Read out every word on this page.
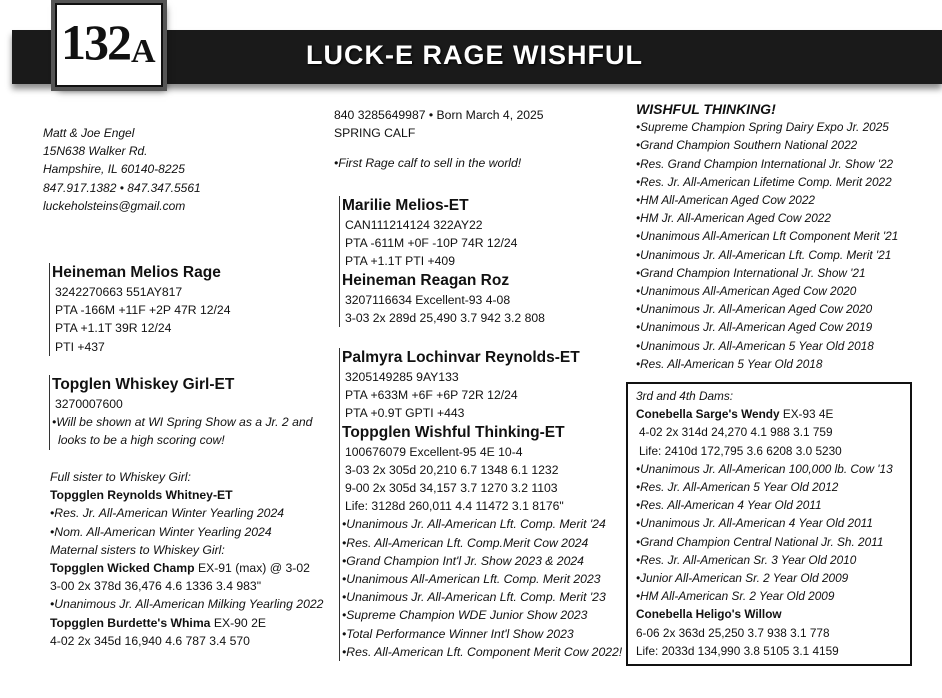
LUCK-E RAGE WISHFUL
132 A
Matt & Joe Engel
15N638 Walker Rd.
Hampshire, IL 60140-8225
847.917.1382 • 847.347.5561
luckeholsteins@gmail.com
Heineman Melios Rage
3242270663 551AY817
PTA -166M +11F +2P 47R 12/24
PTA +1.1T 39R 12/24
PTI +437
Topglen Whiskey Girl-ET
3270007600
•Will be shown at WI Spring Show as a Jr. 2 and
looks to be a high scoring cow!
Full sister to Whiskey Girl:
Topgglen Reynolds Whitney-ET
•Res. Jr. All-American Winter Yearling 2024
•Nom. All-American Winter Yearling 2024
Maternal sisters to Whiskey Girl:
Topgglen Wicked Champ EX-91 (max) @ 3-02
3-00 2x 378d 36,476 4.6 1336 3.4 983"
•Unanimous Jr. All-American Milking Yearling 2022
Topgglen Burdette's Whima EX-90 2E
4-02 2x 345d 16,940 4.6 787 3.4 570
840 3285649987 • Born March 4, 2025
SPRING CALF
•First Rage calf to sell in the world!
Marilie Melios-ET
CAN111214124 322AY22
PTA -611M +0F -10P 74R 12/24
PTA +1.1T PTI +409
Heineman Reagan Roz
3207116634 Excellent-93 4-08
3-03 2x 289d 25,490 3.7 942 3.2 808
Palmyra Lochinvar Reynolds-ET
3205149285 9AY133
PTA +633M +6F +6P 72R 12/24
PTA +0.9T GPTI +443
Toppglen Wishful Thinking-ET
100676079 Excellent-95 4E 10-4
3-03 2x 305d 20,210 6.7 1348 6.1 1232
9-00 2x 305d 34,157 3.7 1270 3.2 1103
Life: 3128d 260,011 4.4 11472 3.1 8176"
•Unanimous Jr. All-American Lft. Comp. Merit '24
•Res. All-American Lft. Comp.Merit Cow 2024
•Grand Champion Int'l Jr. Show 2023 & 2024
•Unanimous All-American Lft. Comp. Merit 2023
•Unanimous Jr. All-American Lft. Comp. Merit '23
•Supreme Champion WDE Junior Show 2023
•Total Performance Winner Int'l Show 2023
•Res. All-American Lft. Component Merit Cow 2022!
WISHFUL THINKING!
•Supreme Champion Spring Dairy Expo Jr. 2025
•Grand Champion Southern National 2022
•Res. Grand Champion International Jr. Show '22
•Res. Jr. All-American Lifetime Comp. Merit 2022
•HM All-American Aged Cow 2022
•HM Jr. All-American Aged Cow 2022
•Unanimous All-American Lft Component Merit '21
•Unanimous Jr. All-American Lft. Comp. Merit '21
•Grand Champion International Jr. Show '21
•Unanimous All-American Aged Cow 2020
•Unanimous Jr. All-American Aged Cow 2020
•Unanimous Jr. All-American Aged Cow 2019
•Unanimous Jr. All-American 5 Year Old 2018
•Res. All-American 5 Year Old 2018
3rd and 4th Dams:
Conebella Sarge's Wendy EX-93 4E
4-02 2x 314d 24,270 4.1 988 3.1 759
Life: 2410d 172,795 3.6 6208 3.0 5230
•Unanimous Jr. All-American 100,000 lb. Cow '13
•Res. Jr. All-American 5 Year Old 2012
•Res. All-American 4 Year Old 2011
•Unanimous Jr. All-American 4 Year Old 2011
•Grand Champion Central National Jr. Sh. 2011
•Res. Jr. All-American Sr. 3 Year Old 2010
•Junior All-American Sr. 2 Year Old 2009
•HM All-American Sr. 2 Year Old 2009
Conebella Heligo's Willow
6-06 2x 363d 25,250 3.7 938 3.1 778
Life: 2033d 134,990 3.8 5105 3.1 4159
